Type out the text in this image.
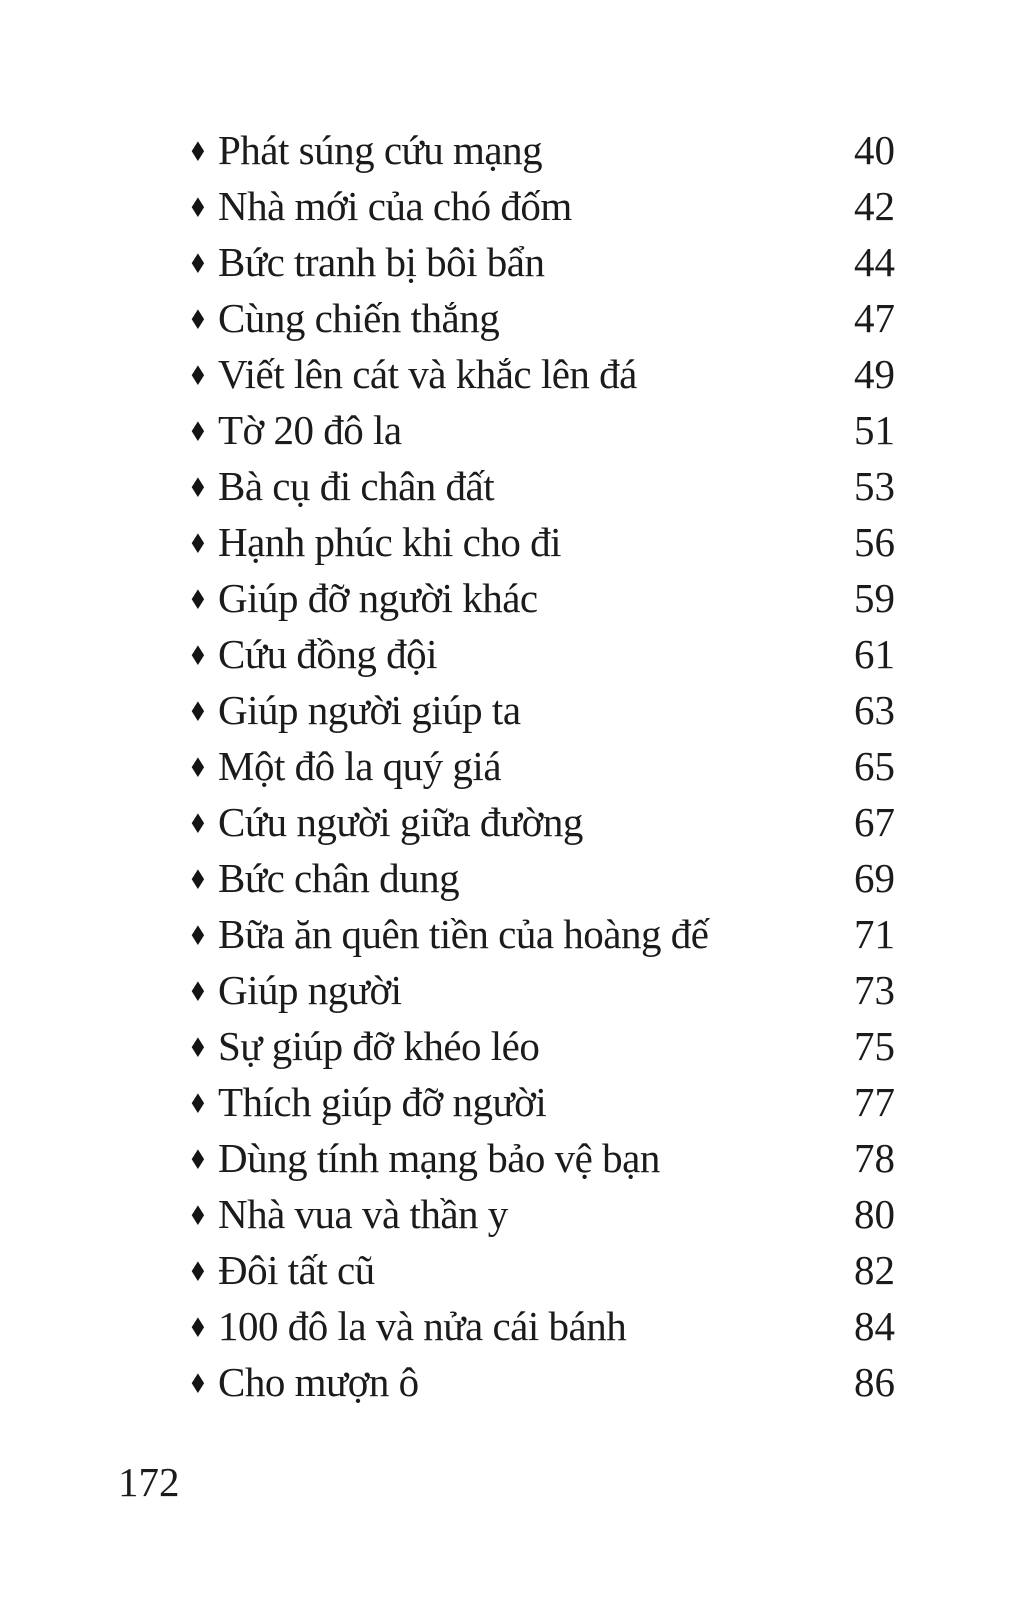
♦ Phát súng cứu mạng	40
♦ Nhà mới của chó đốm	42
♦ Bức tranh bị bôi bẩn	44
♦ Cùng chiến thắng	47
♦ Viết lên cát và khắc lên đá	49
♦ Tờ 20 đô la	51
♦ Bà cụ đi chân đất	53
♦ Hạnh phúc khi cho đi	56
♦ Giúp đỡ người khác	59
♦ Cứu đồng đội	61
♦ Giúp người giúp ta	63
♦ Một đô la quý giá	65
♦ Cứu người giữa đường	67
♦ Bức chân dung	69
♦ Bữa ăn quên tiền của hoàng đế	71
♦ Giúp người	73
♦ Sự giúp đỡ khéo léo	75
♦ Thích giúp đỡ người	77
♦ Dùng tính mạng bảo vệ bạn	78
♦ Nhà vua và thần y	80
♦ Đôi tất cũ	82
♦ 100 đô la và nửa cái bánh	84
♦ Cho mượn ô	86
172
